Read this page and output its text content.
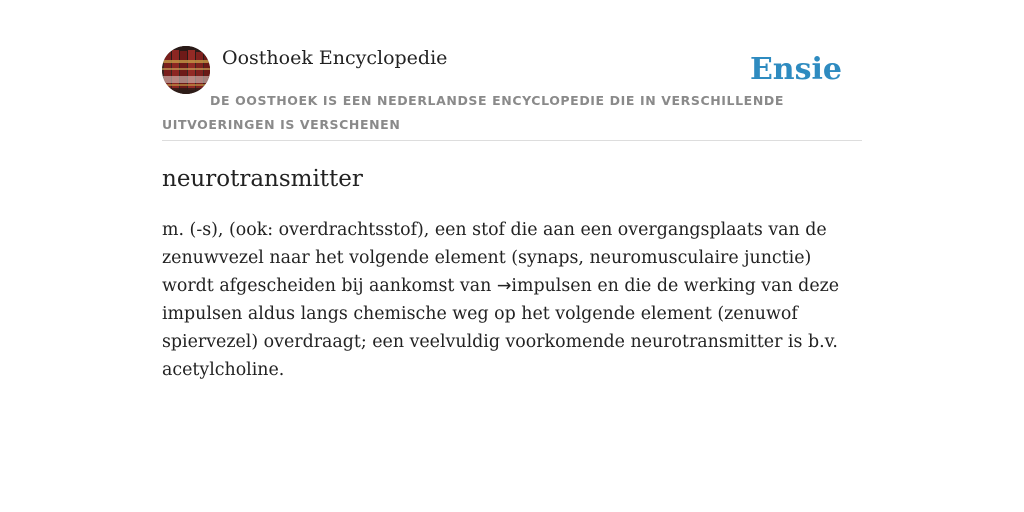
Oosthoek Encyclopedie	Ensie
DE OOSTHOEK IS EEN NEDERLANDSE ENCYCLOPEDIE DIE IN VERSCHILLENDE UITVOERINGEN IS VERSCHENEN
neurotransmitter

m. (-s), (ook: overdrachtsstof), een stof die aan een overgangsplaats van de zenuwvezel naar het volgende element (synaps, neuromusculaire junctie) wordt afgescheiden bij aankomst van →impulsen en die de werking van deze impulsen aldus langs chemische weg op het volgende element (zenuwof spiervezel) overdraagt; een veelvuldig voorkomende neurotransmitter is b.v. acetylcholine.
